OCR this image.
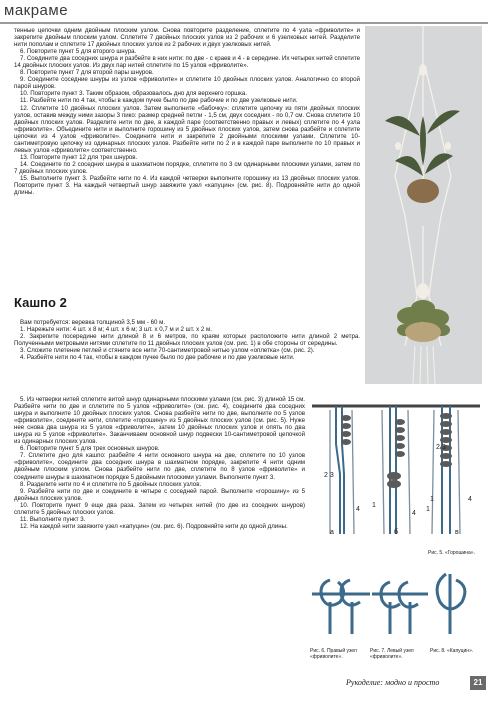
макраме

тенные цепочки одним двойным плоским узлом. Снова повторите разделение, сплетите по 4 узла «фриволите» и закрепите двойным плоским узлом. Сплетите 7 двойных плоских узлов из 2 рабочих и 6 узелковых нитей. Разделите нити пополам и сплетите 17 двойных плоских узлов из 2 рабочих и двух узелковых нитей.

6. Повторите пункт 5 для второго шнура.

7. Соедините два соседних шнура и разбейте в них нити: по две - с краев и 4 - в середине. Их четырех нитей сплетите 14 двойных плоских узлов. Из двух пар нитей сплетите по 15 узлов «фриволите».

8. Повторите пункт 7 для второй пары шнуров.

9. Соедините соседние шнуры из узлов «фриволите» и сплетите 10 двойных плоских узлов. Аналогично со второй парой шнуров.

10. Повторите пункт 3. Таким образом, образовалось дно для верхнего горшка.

11. Разбейте нити по 4 так, чтобы в каждом пучке было по две рабочие и по две узелковые нити.

12. Сплетите 10 двойных плоских узлов. Затем выполните «бабочку»: сплетите цепочку из пяти двойных плоских узлов, оставив между ними зазоры 3 пико: размер средней петли - 1,5 см, двух соседних - по 0,7 см. Снова сплетите 10 двойных плоских узлов. Разделите нити по две, в каждой паре (соответственно правых и левых) сплетите по 4 узла «фриволите». Объедините нити и выполните горошину из 5 двойных плоских узлов, затем снова разбейте и сплетите цепочки из 4 узлов «фриволите». Соедините нити и закрепите 2 двойными плоскими узлами. Сплетите 10-сантиметровую цепочку из одинарных плоских узлов. Разбейте нити по 2 и в каждой паре выполните по 10 правых и левых узлов «фриволите» соответственно.

13. Повторите пункт 12 для трех шнуров.

14. Соедините по 2 соседних шнура в шахматном порядке, сплетите по 3 см одинарными плоскими узлами, затем по 7 двойных плоских узлов.

15. Выполните пункт 3. Разбейте нити по 4. Из каждой четверки выполните горошину из 13 двойных плоских узлов. Повторите пункт 3. На каждый четвертый шнур завяжите узел «капуцин» (см. рис. 8). Подровняйте нити до одной длины.

Кашпо 2

Вам потребуется: веревка толщиной 3,5 мм - 60 м.

1. Нарежьте нити: 4 шт. х 8 м; 4 шт. х 6 м; 3 шт. х 0,7 м и 2 шт. х 2 м.

2. Закрепите посередине нити длиной 8 и 6 метров, по краям которых расположите нити длиной 2 метра. Полученными метровыми нитями сплетите по 11 двойных плоских узлов (см. рис. 1) в обе стороны от середины.

3. Сложите плетение петлей и стяните все нити 70-сантиметровой нитью узлом «оплетка» (см. рис. 2).

4. Разбейте нити по 4 так, чтобы в каждом пучке было по две рабочие и по две узелковые нити.

5. Из четверки нитей сплетите витой шнур одинарными плоскими узлами (см. рис. 3) длиной 15 см. Разбейте нити по две и сплетите по 5 узлов «фриволите» (см. рис. 4), соедините два соседних шнура и выполните 10 двойных плоских узлов. Снова разбейте нити по две, выполните по 5 узлов «фриволите», соедините нити, сплетите «горошину» из 5 двойных плоских узлов (см. рис. 5). Нуже нее снова два шнура из 5 узлов «фриволите», затем 10 двойных плоских узлов и опять по два шнура из 5 узлов «фриволите». Заканчиваем основной шнур подвески 10-сантиметровой цепочкой из одинарных плоских узлов.

6. Повторите пункт 5 для трех основных шнуров.

7. Сплетите дно для кашпо: разбейте 4 нити основного шнура на две, сплетите по 10 узлов «фриволите», соедините два соседних шнура в шахматном порядке, закрепите 4 нити одним двойным плоским узлом. Снова разбейте нити по две, сплетите по 8 узлов «фриволите» и соедините шнуры в шахматном порядке 5 двойными плоскими узлами. Выполните пункт 3.

8. Разделите нити по 4 и сплетите по 5 двойных плоских узлов.

9. Разбейте нити по две и соедините в четыре с соседней парой. Выполните «горошину» из 5 двойных плоских узлов.

10. Повторите пункт 9 еще два раза. Затем из четырех нитей (по две из соседних шнуров) сплетите 5 двойных плоских узлов.

11. Выполните пункт 3.

12. На каждой нити завяжите узел «капуцин» (см. рис. 6). Подровняйте нити до одной длины.

2 3
1
4	1
4
а	б	в
2 3
1	4
Рис. 5. «Горошина».
Рис. 6. Правый узел «фриволите».
Рис. 7. Левый узел «фриволите».
Рис. 8. «Капуцин».
Рукоделие: модно и просто	21
